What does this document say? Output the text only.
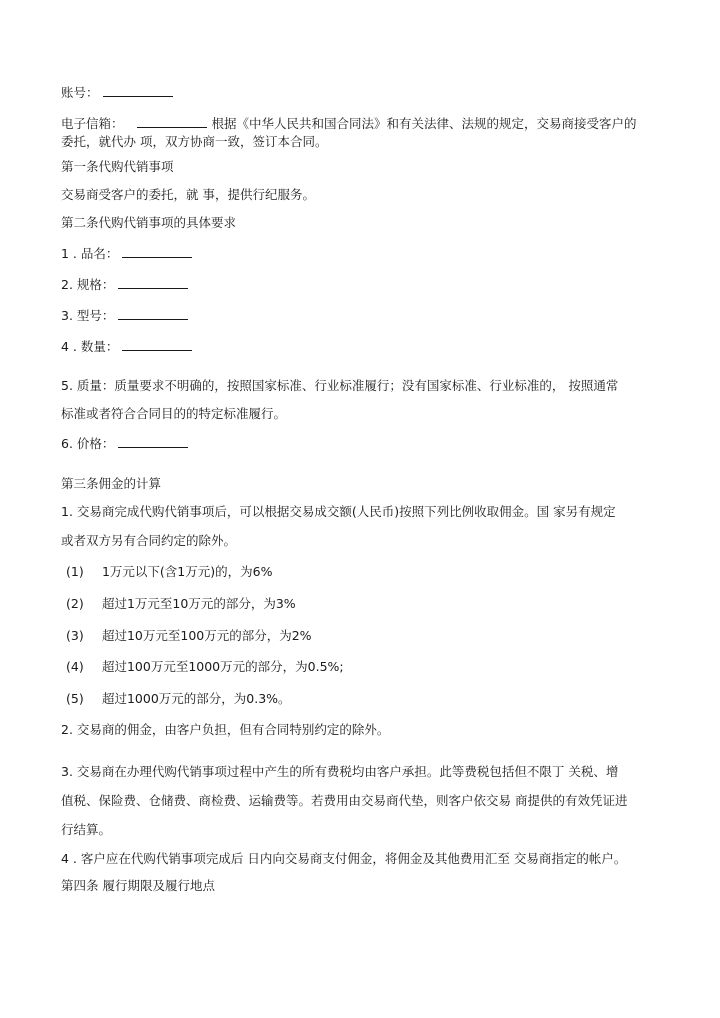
账号：
电子信箱：	根据《中华人民共和国合同法》和有关法律、法规的规定，交易商接受客户的
委托，就代办 项，双方协商一致，签订本合同。
第一条代购代销事项
交易商受客户的委托，就 事，提供行纪服务。
第二条代购代销事项的具体要求
1 . 品名：
2. 规格：
3. 型号：
4 . 数量：
5. 质量：质量要求不明确的，按照国家标准、行业标准履行；没有国家标准、行业标准的， 按照通常
标准或者符合合同目的的特定标准履行。
6. 价格：
第三条佣金的计算
1. 交易商完成代购代销事项后，可以根据交易成交额(人民币)按照下列比例收取佣金。国 家另有规定
或者双方另有合同约定的除外。
(1) 1万元以下(含1万元)的，为6%
(2) 超过1万元至10万元的部分，为3%
(3) 超过10万元至100万元的部分，为2%
(4) 超过100万元至1000万元的部分，为0.5%;
(5) 超过1000万元的部分，为0.3%。
2. 交易商的佣金，由客户负担，但有合同特别约定的除外。
3. 交易商在办理代购代销事项过程中产生的所有费税均由客户承担。此等费税包括但不限丁 关税、增
值税、保险费、仓储费、商检费、运输费等。若费用由交易商代垫，则客户依交易 商提供的有效凭证进
行结算。
4 . 客户应在代购代销事项完成后 日内向交易商支付佣金，将佣金及其他费用汇至 交易商指定的帐户。
第四条 履行期限及履行地点
